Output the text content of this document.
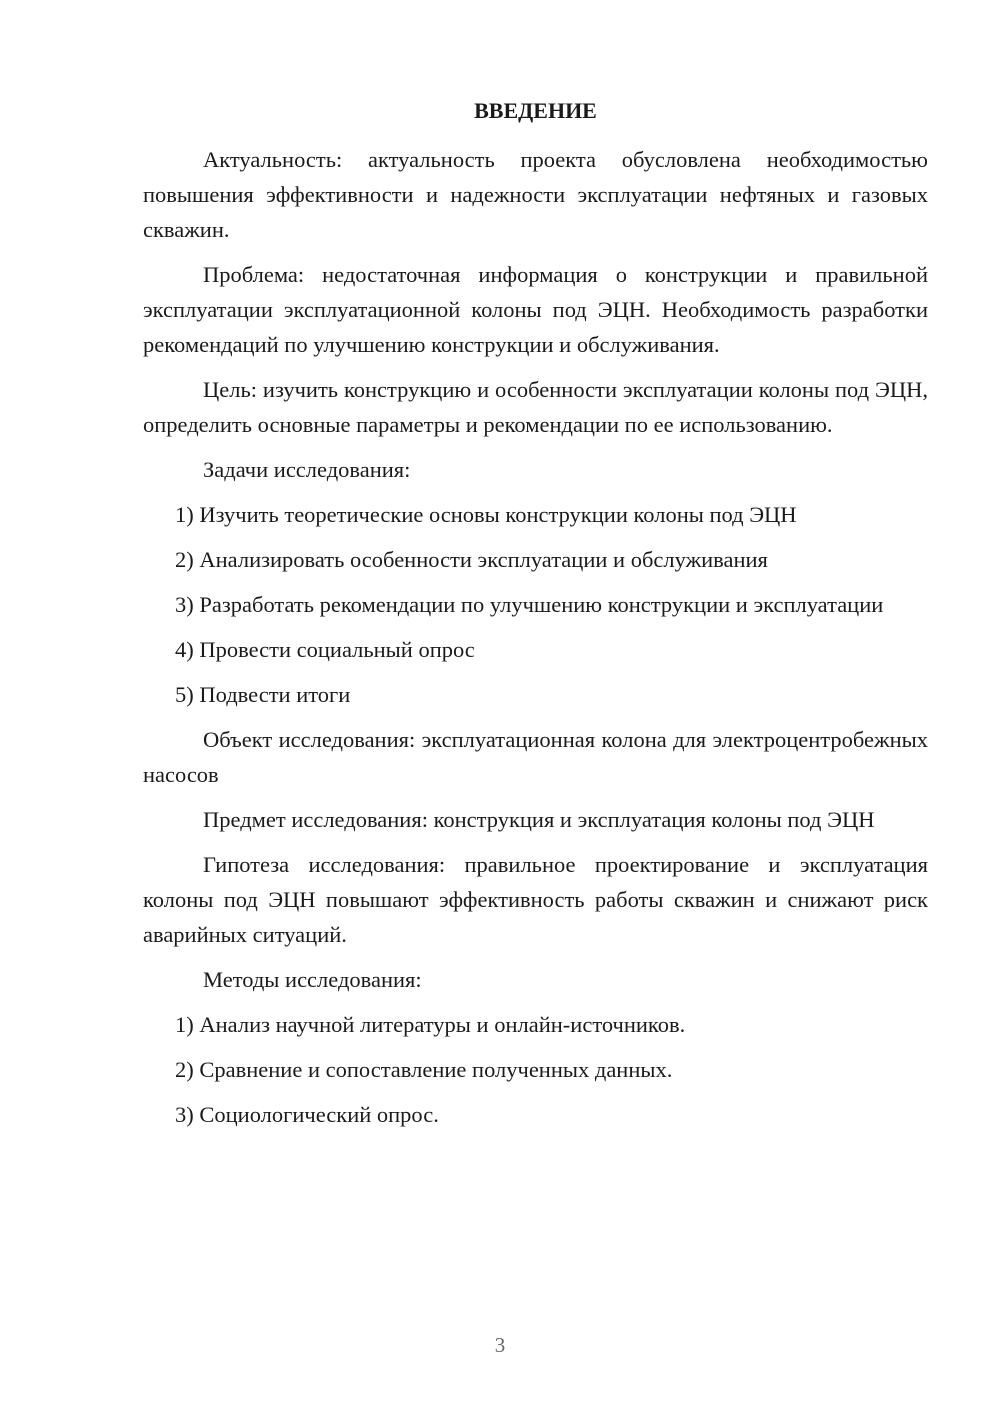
ВВЕДЕНИЕ

Актуальность: актуальность проекта обусловлена необходимостью повышения эффективности и надежности эксплуатации нефтяных и газовых скважин.

Проблема: недостаточная информация о конструкции и правильной эксплуатации эксплуатационной колоны под ЭЦН. Необходимость разработки рекомендаций по улучшению конструкции и обслуживания.

Цель: изучить конструкцию и особенности эксплуатации колоны под ЭЦН, определить основные параметры и рекомендации по ее использованию.

Задачи исследования:

1) Изучить теоретические основы конструкции колоны под ЭЦН

2) Анализировать особенности эксплуатации и обслуживания

3) Разработать рекомендации по улучшению конструкции и эксплуатации

4) Провести социальный опрос

5) Подвести итоги

Объект исследования: эксплуатационная колона для электроцентробежных насосов

Предмет исследования: конструкция и эксплуатация колоны под ЭЦН

Гипотеза исследования: правильное проектирование и эксплуатация колоны под ЭЦН повышают эффективность работы скважин и снижают риск аварийных ситуаций.

Методы исследования:

1) Анализ научной литературы и онлайн-источников.

2) Сравнение и сопоставление полученных данных.

3) Социологический опрос.

3
